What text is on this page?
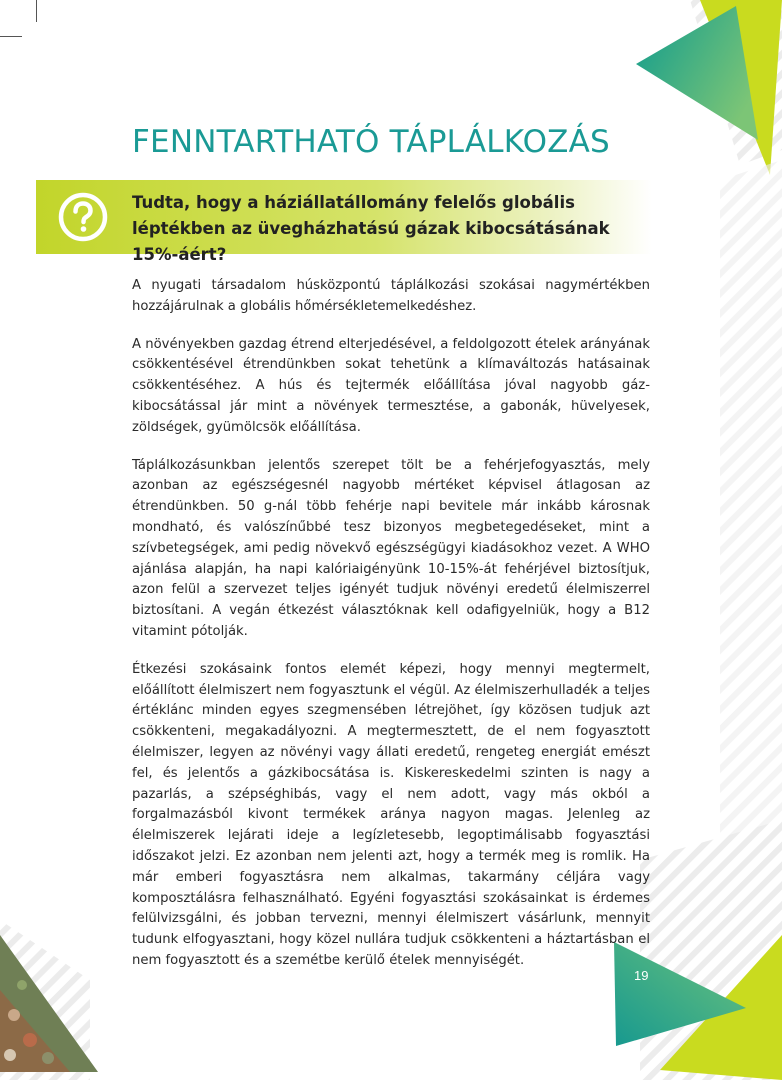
FENNTARTHATÓ TÁPLÁLKOZÁS

Tudta, hogy a háziállatállomány felelős globális léptékben az üvegházhatású gázak kibocsátásának 15%-áért?

A nyugati társadalom húsközpontú táplálkozási szokásai nagymértékben hozzájárulnak a globális hőmérsékletemelkedéshez.

A növényekben gazdag étrend elterjedésével, a feldolgozott ételek arányának csökkentésével étrendünkben sokat tehetünk a klímaváltozás hatásainak csökkentéséhez. A hús és tejtermék előállítása jóval nagyobb gáz-kibocsátással jár mint a növények termesztése, a gabonák, hüvelyesek, zöldségek, gyümölcsök előállítása.

Táplálkozásunkban jelentős szerepet tölt be a fehérjefogyasztás, mely azonban az egészségesnél nagyobb mértéket képvisel átlagosan az étrendünkben. 50 g-nál több fehérje napi bevitele már inkább károsnak mondható, és valószínűbbé tesz bizonyos megbetegedéseket, mint a szívbetegségek, ami pedig növekvő egészségügyi kiadásokhoz vezet. A WHO ajánlása alapján, ha napi kalóriaigényünk 10-15%-át fehérjével biztosítjuk, azon felül a szervezet teljes igényét tudjuk növényi eredetű élelmiszerrel biztosítani. A vegán étkezést választóknak kell odafigyelniük, hogy a B12 vitamint pótolják.

Étkezési szokásaink fontos elemét képezi, hogy mennyi megtermelt, előállított élelmiszert nem fogyasztunk el végül. Az élelmiszerhulladék a teljes értéklánc minden egyes szegmensében létrejöhet, így közösen tudjuk azt csökkenteni, megakadályozni. A megtermesztett, de el nem fogyasztott élelmiszer, legyen az növényi vagy állati eredetű, rengeteg energiát emészt fel, és jelentős a gázkibocsátása is. Kiskereskedelmi szinten is nagy a pazarlás, a szépséghibás, vagy el nem adott, vagy más okból a forgalmazásból kivont termékek aránya nagyon magas. Jelenleg az élelmiszerek lejárati ideje a legízletesebb, legoptimálisabb fogyasztási időszakot jelzi. Ez azonban nem jelenti azt, hogy a termék meg is romlik. Ha már emberi fogyasztásra nem alkalmas, takarmány céljára vagy komposztálásra felhasználható. Egyéni fogyasztási szokásainkat is érdemes felülvizsgálni, és jobban tervezni, mennyi élelmiszert vásárlunk, mennyit tudunk elfogyasztani, hogy közel nullára tudjuk csökkenteni a háztartásban el nem fogyasztott és a szemétbe kerülő ételek mennyiségét.

19
